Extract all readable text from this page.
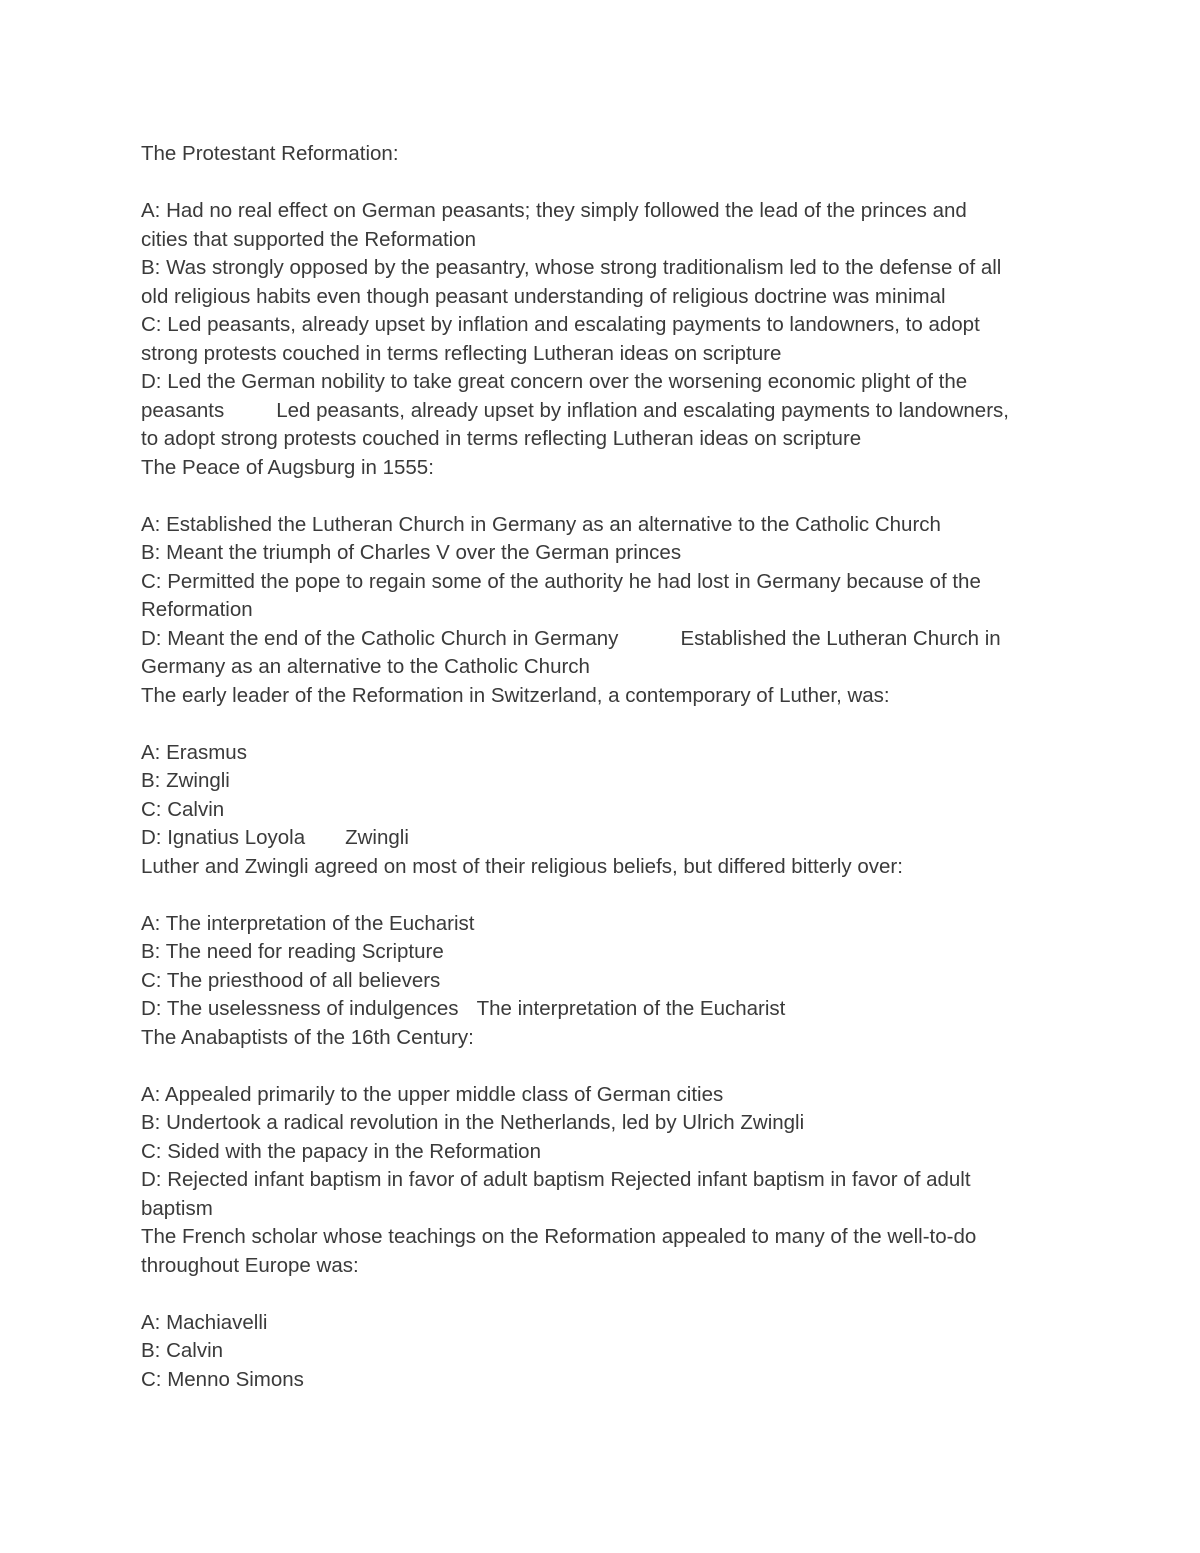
The Protestant Reformation:
A: Had no real effect on German peasants; they simply followed the lead of the princes and
cities that supported the Reformation
B: Was strongly opposed by the peasantry, whose strong traditionalism led to the defense of all
old religious habits even though peasant understanding of religious doctrine was minimal
C: Led peasants, already upset by inflation and escalating payments to landowners, to adopt
strong protests couched in terms reflecting Lutheran ideas on scripture
D: Led the German nobility to take great concern over the worsening economic plight of the
peasants	Led peasants, already upset by inflation and escalating payments to landowners,
to adopt strong protests couched in terms reflecting Lutheran ideas on scripture
The Peace of Augsburg in 1555:
A: Established the Lutheran Church in Germany as an alternative to the Catholic Church
B: Meant the triumph of Charles V over the German princes
C: Permitted the pope to regain some of the authority he had lost in Germany because of the
Reformation
D: Meant the end of the Catholic Church in Germany	Established the Lutheran Church in
Germany as an alternative to the Catholic Church
The early leader of the Reformation in Switzerland, a contemporary of Luther, was:
A: Erasmus
B: Zwingli
C: Calvin
D: Ignatius Loyola Zwingli
Luther and Zwingli agreed on most of their religious beliefs, but differed bitterly over:
A: The interpretation of the Eucharist
B: The need for reading Scripture
C: The priesthood of all believers
D: The uselessness of indulgences The interpretation of the Eucharist
The Anabaptists of the 16th Century:
A: Appealed primarily to the upper middle class of German cities
B: Undertook a radical revolution in the Netherlands, led by Ulrich Zwingli
C: Sided with the papacy in the Reformation
D: Rejected infant baptism in favor of adult baptism Rejected infant baptism in favor of adult
baptism
The French scholar whose teachings on the Reformation appealed to many of the well-to-do
throughout Europe was:
A: Machiavelli
B: Calvin
C: Menno Simons
